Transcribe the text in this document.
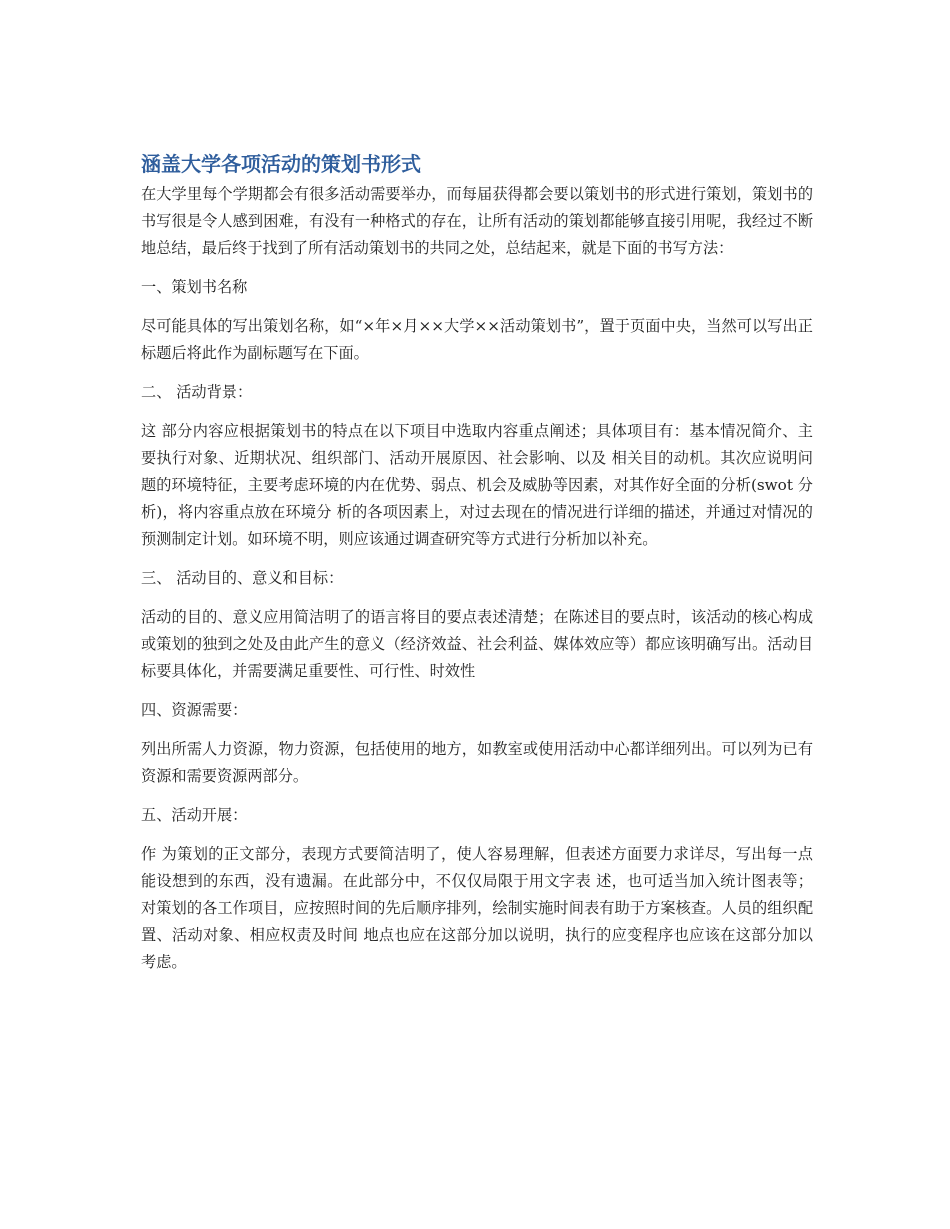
涵盖大学各项活动的策划书形式

在大学里每个学期都会有很多活动需要举办，而每届获得都会要以策划书的形式进行策划，策划书的书写很是令人感到困难，有没有一种格式的存在，让所有活动的策划都能够直接引用呢，我经过不断地总结，最后终于找到了所有活动策划书的共同之处，总结起来，就是下面的书写方法：

一、策划书名称

尽可能具体的写出策划名称，如“×年×月××大学××活动策划书”，置于页面中央，当然可以写出正标题后将此作为副标题写在下面。

二、 活动背景：

这 部分内容应根据策划书的特点在以下项目中选取内容重点阐述；具体项目有：基本情况简介、主要执行对象、近期状况、组织部门、活动开展原因、社会影响、以及 相关目的动机。其次应说明问题的环境特征，主要考虑环境的内在优势、弱点、机会及威胁等因素，对其作好全面的分析(swot 分析)，将内容重点放在环境分 析的各项因素上，对过去现在的情况进行详细的描述，并通过对情况的预测制定计划。如环境不明，则应该通过调查研究等方式进行分析加以补充。

三、 活动目的、意义和目标：

活动的目的、意义应用简洁明了的语言将目的要点表述清楚；在陈述目的要点时，该活动的核心构成或策划的独到之处及由此产生的意义（经济效益、社会利益、媒体效应等）都应该明确写出。活动目标要具体化，并需要满足重要性、可行性、时效性

四、资源需要：

列出所需人力资源，物力资源，包括使用的地方，如教室或使用活动中心都详细列出。可以列为已有资源和需要资源两部分。

五、活动开展：

作 为策划的正文部分，表现方式要简洁明了，使人容易理解，但表述方面要力求详尽，写出每一点能设想到的东西，没有遗漏。在此部分中，不仅仅局限于用文字表 述，也可适当加入统计图表等；对策划的各工作项目，应按照时间的先后顺序排列，绘制实施时间表有助于方案核查。人员的组织配置、活动对象、相应权责及时间 地点也应在这部分加以说明，执行的应变程序也应该在这部分加以考虑。
